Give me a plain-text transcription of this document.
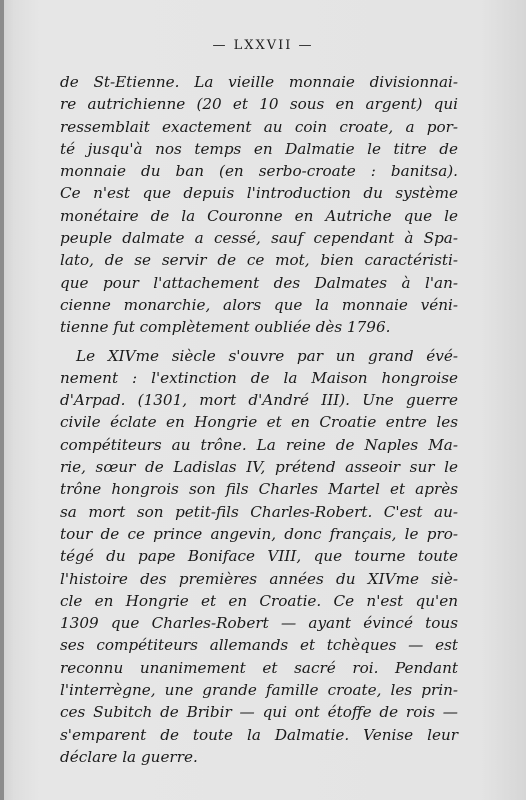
— LXXVII —
de St-Etienne. La vieille monnaie divisionnai-
re autrichienne (20 et 10 sous en argent) qui
ressemblait exactement au coin croate, a por-
té jusqu'à nos temps en Dalmatie le titre de
monnaie du ban (en serbo-croate : banitsa).
Ce n'est que depuis l'introduction du système
monétaire de la Couronne en Autriche que le
peuple dalmate a cessé, sauf cependant à Spa-
lato, de se servir de ce mot, bien caractéristi-
que pour l'attachement des Dalmates à l'an-
cienne monarchie, alors que la monnaie véni-
tienne fut complètement oubliée dès 1796.
Le XIVme siècle s'ouvre par un grand évé-
nement : l'extinction de la Maison hongroise
d'Arpad. (1301, mort d'André III). Une guerre
civile éclate en Hongrie et en Croatie entre les
compétiteurs au trône. La reine de Naples Ma-
rie, sœur de Ladislas IV, prétend asseoir sur le
trône hongrois son fils Charles Martel et après
sa mort son petit-fils Charles-Robert. C'est au-
tour de ce prince angevin, donc français, le pro-
tégé du pape Boniface VIII, que tourne toute
l'histoire des premières années du XIVme siè-
cle en Hongrie et en Croatie. Ce n'est qu'en
1309 que Charles-Robert — ayant évincé tous
ses compétiteurs allemands et tchèques — est
reconnu unanimement et sacré roi. Pendant
l'interrègne, une grande famille croate, les prin-
ces Subitch de Bribir — qui ont étoffe de rois —
s'emparent de toute la Dalmatie. Venise leur
déclare la guerre.
